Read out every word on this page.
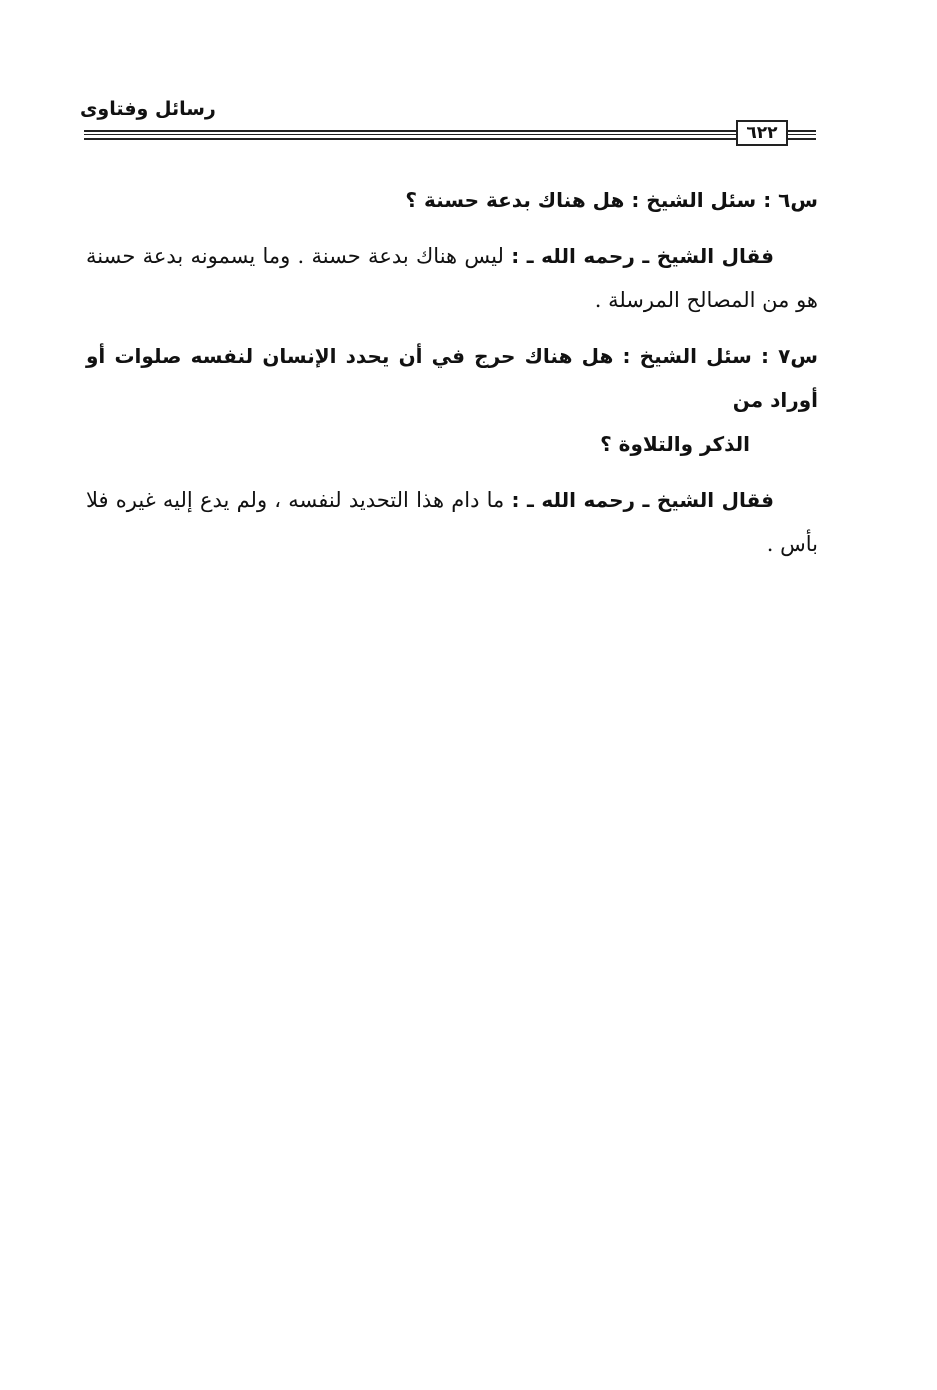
رسائل وفتاوى
٦٢٢
س٦ : سئل الشيخ : هل هناك بدعة حسنة ؟
فقال الشيخ ـ رحمه الله ـ : ليس هناك بدعة حسنة . وما يسمونه بدعة حسنة هو من المصالح المرسلة .
س٧ : سئل الشيخ : هل هناك حرج في أن يحدد الإنسان لنفسه صلوات أو أوراد من
الذكر والتلاوة ؟
فقال الشيخ ـ رحمه الله ـ : ما دام هذا التحديد لنفسه ، ولم يدع إليه غيره فلا بأس .
